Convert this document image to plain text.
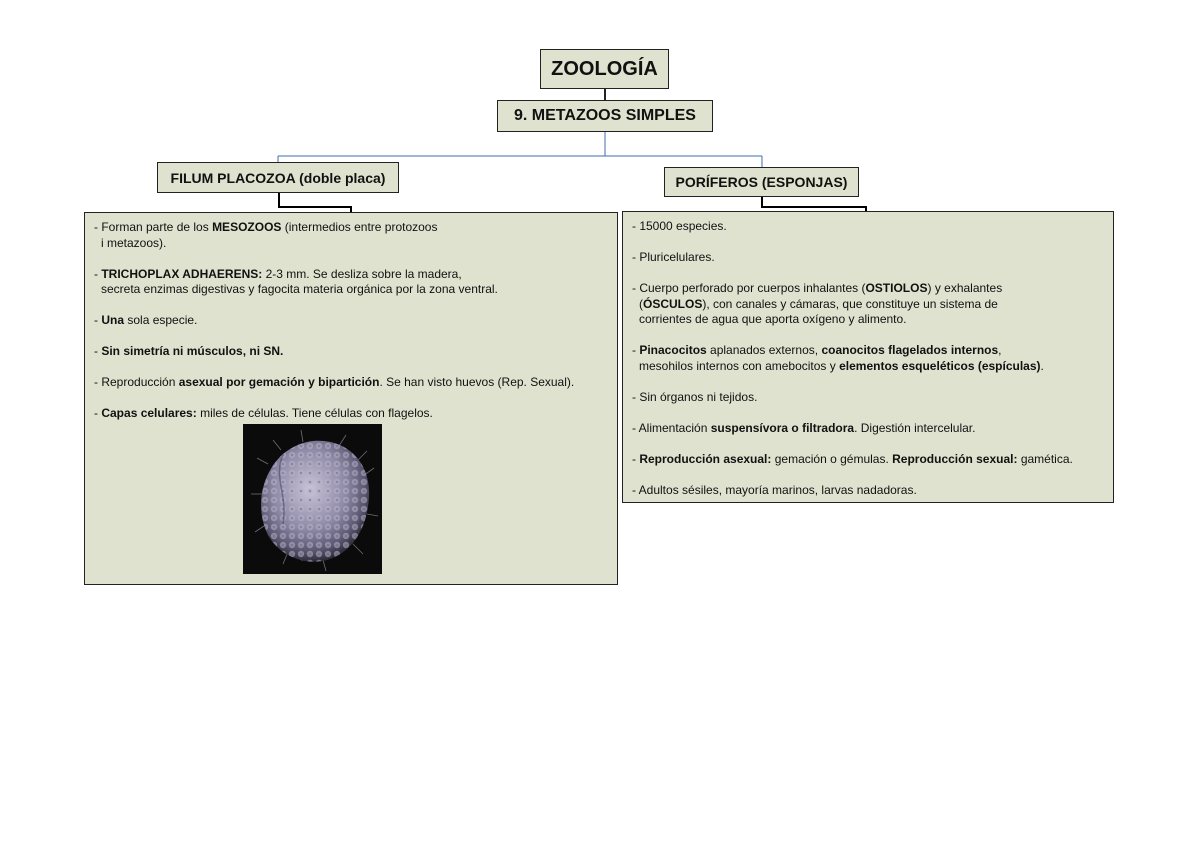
ZOOLOGÍA
9. METAZOOS SIMPLES
FILUM PLACOZOA (doble placa)	PORÍFEROS (ESPONJAS)
- Forman parte de los MESOZOOS (intermedios entre protozoos
i metazoos).
- TRICHOPLAX ADHAERENS: 2-3 mm. Se desliza sobre la madera,
secreta enzimas digestivas y fagocita materia orgánica por la zona ventral.
- Una sola especie.
- Sin simetría ni músculos, ni SN.
- Reproducción asexual por gemación y bipartición. Se han visto huevos (Rep. Sexual).
- Capas celulares: miles de células. Tiene células con flagelos.
- 15000 especies.
- Pluricelulares.
- Cuerpo perforado por cuerpos inhalantes (OSTIOLOS) y exhalantes
(ÓSCULOS), con canales y cámaras, que constituye un sistema de
corrientes de agua que aporta oxígeno y alimento.
- Pinacocitos aplanados externos, coanocitos flagelados internos,
mesohilos internos con amebocitos y elementos esqueléticos (espículas).
- Sin órganos ni tejidos.
- Alimentación suspensívora o filtradora. Digestión intercelular.
- Reproducción asexual: gemación o gémulas. Reproducción sexual: gamética.
- Adultos sésiles, mayoría marinos, larvas nadadoras.
